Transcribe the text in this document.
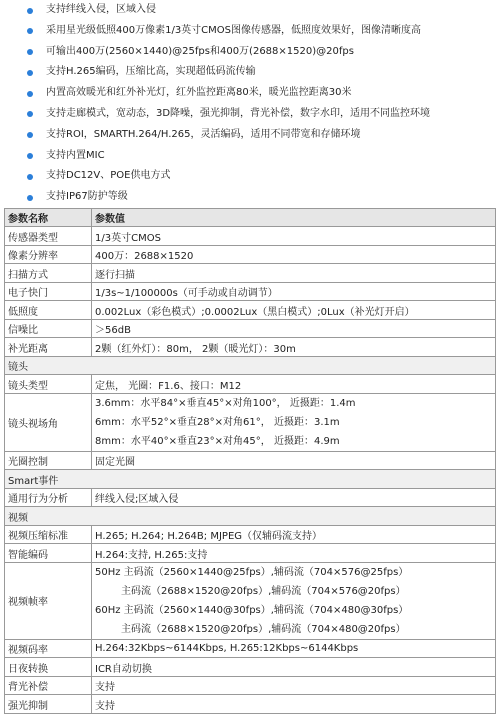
支持绊线入侵，区域入侵
采用星光级低照400万像素1/3英寸CMOS图像传感器，低照度效果好，图像清晰度高
可输出400万(2560×1440)@25fps和400万(2688×1520)@20fps
支持H.265编码，压缩比高，实现超低码流传输
内置高效暖光和红外补光灯，红外监控距离80米，暖光监控距离30米
支持走廊模式，宽动态，3D降噪，强光抑制，背光补偿，数字水印，适用不同监控环境
支持ROI，SMARTH.264/H.265，灵活编码，适用不同带宽和存储环境
支持内置MIC
支持DC12V、POE供电方式
支持IP67防护等级
参数名称	参数值
传感器类型	1/3英寸CMOS
像素分辨率	400万：2688×1520
扫描方式	逐行扫描
电子快门	1/3s~1/100000s（可手动或自动调节）
低照度	0.002Lux（彩色模式）;0.0002Lux（黑白模式）;0Lux（补光灯开启）
信噪比	＞56dB
补光距离	2颗（红外灯）：80m， 2颗（暖光灯）：30m
镜头	
镜头类型	定焦， 光圈：F1.6、接口：M12
镜头视场角	3.6mm：水平84°×垂直45°×对角100°， 近摄距：1.4m
6mm：水平52°×垂直28°×对角61°， 近摄距：3.1m
8mm：水平40°×垂直23°×对角45°， 近摄距：4.9m

光圈控制	固定光圈
Smart事件	
通用行为分析	绊线入侵;区域入侵
视频	
视频压缩标准	H.265; H.264; H.264B; MJPEG（仅辅码流支持）
智能编码	H.264:支持, H.265:支持
视频帧率	50Hz 主码流（2560×1440@25fps）,辅码流（704×576@25fps）
主码流（2688×1520@20fps）,辅码流（704×576@20fps）
60Hz 主码流（2560×1440@30fps）,辅码流（704×480@30fps）
主码流（2688×1520@20fps）,辅码流（704×480@20fps）

视频码率	H.264:32Kbps~6144Kbps, H.265:12Kbps~6144Kbps
日夜转换	ICR自动切换
背光补偿	支持
强光抑制	支持
